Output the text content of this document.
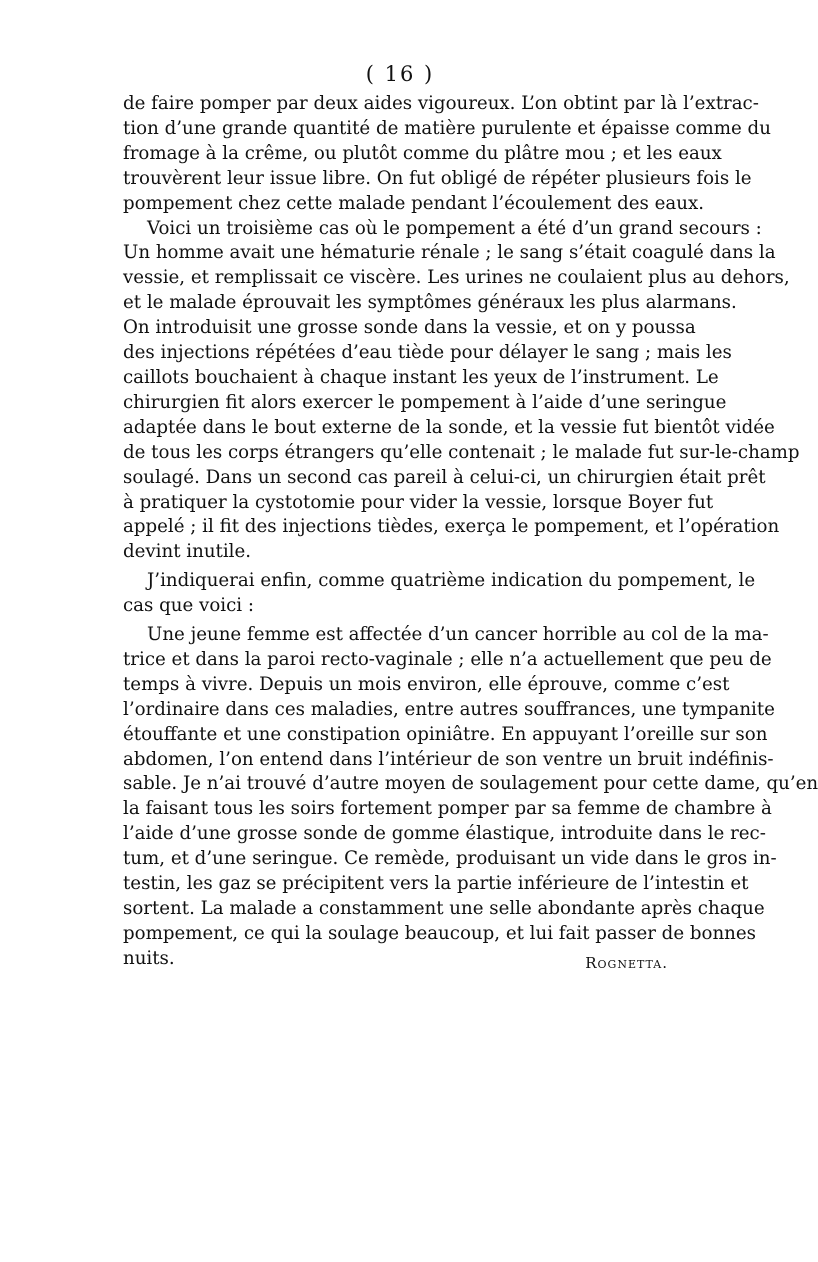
( 16 )

de faire pomper par deux aides vigoureux. L’on obtint par là l’extrac-
tion d’une grande quantité de matière purulente et épaisse comme du
fromage à la crême, ou plutôt comme du plâtre mou ; et les eaux
trouvèrent leur issue libre. On fut obligé de répéter plusieurs fois le
pompement chez cette malade pendant l’écoulement des eaux.

Voici un troisième cas où le pompement a été d’un grand secours :
Un homme avait une hématurie rénale ; le sang s’était coagulé dans la
vessie, et remplissait ce viscère. Les urines ne coulaient plus au dehors,
et le malade éprouvait les symptômes généraux les plus alarmans.
On introduisit une grosse sonde dans la vessie, et on y poussa
des injections répétées d’eau tiède pour délayer le sang ; mais les
caillots bouchaient à chaque instant les yeux de l’instrument. Le
chirurgien fit alors exercer le pompement à l’aide d’une seringue
adaptée dans le bout externe de la sonde, et la vessie fut bientôt vidée
de tous les corps étrangers qu’elle contenait ; le malade fut sur-le-champ
soulagé. Dans un second cas pareil à celui-ci, un chirurgien était prêt
à pratiquer la cystotomie pour vider la vessie, lorsque Boyer fut
appelé ; il fit des injections tièdes, exerça le pompement, et l’opération
devint inutile.

J’indiquerai enfin, comme quatrième indication du pompement, le
cas que voici :

Une jeune femme est affectée d’un cancer horrible au col de la ma-
trice et dans la paroi recto-vaginale ; elle n’a actuellement que peu de
temps à vivre. Depuis un mois environ, elle éprouve, comme c’est
l’ordinaire dans ces maladies, entre autres souffrances, une tympanite
étouffante et une constipation opiniâtre. En appuyant l’oreille sur son
abdomen, l’on entend dans l’intérieur de son ventre un bruit indéfinis-
sable. Je n’ai trouvé d’autre moyen de soulagement pour cette dame, qu’en
la faisant tous les soirs fortement pomper par sa femme de chambre à
l’aide d’une grosse sonde de gomme élastique, introduite dans le rec-
tum, et d’une seringue. Ce remède, produisant un vide dans le gros in-
testin, les gaz se précipitent vers la partie inférieure de l’intestin et
sortent. La malade a constamment une selle abondante après chaque
pompement, ce qui la soulage beaucoup, et lui fait passer de bonnes
nuits.	Rognetta.
